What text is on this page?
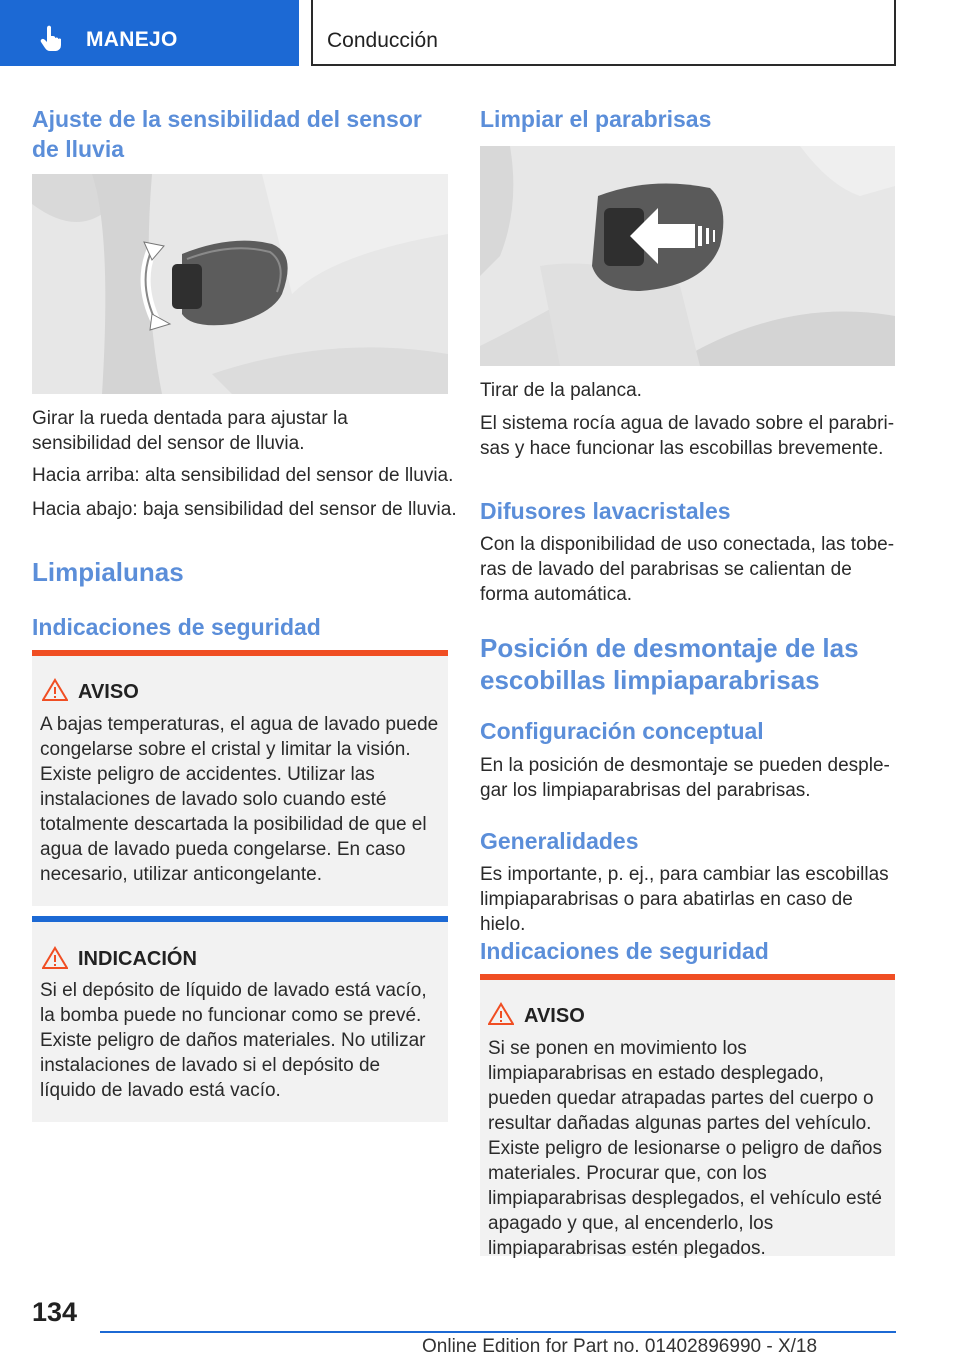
MANEJO	Conducción
Ajuste de la sensibilidad del sensor de lluvia
Girar la rueda dentada para ajustar la sensibilidad del sensor de lluvia.
Hacia arriba: alta sensibilidad del sensor de lluvia.
Hacia abajo: baja sensibilidad del sensor de lluvia.
Limpialunas
Indicaciones de seguridad
AVISO
A bajas temperaturas, el agua de lavado puede congelarse sobre el cristal y limitar la visión. Existe peligro de accidentes. Utilizar las instalaciones de lavado solo cuando esté totalmente descartada la posibilidad de que el agua de lavado pueda congelarse. En caso necesario, utilizar anticongelante.
INDICACIÓN
Si el depósito de líquido de lavado está vacío, la bomba puede no funcionar como se prevé. Existe peligro de daños materiales. No utilizar instalaciones de lavado si el depósito de líquido de lavado está vacío.
Limpiar el parabrisas
Tirar de la palanca.
El sistema rocía agua de lavado sobre el parabrisas y hace funcionar las escobillas brevemente.
Difusores lavacristales
Con la disponibilidad de uso conectada, las toberas de lavado del parabrisas se calientan de forma automática.
Posición de desmontaje de las escobillas limpiaparabrisas
Configuración conceptual
En la posición de desmontaje se pueden desplegar los limpiaparabrisas del parabrisas.
Generalidades
Es importante, p. ej., para cambiar las escobillas limpiaparabrisas o para abatirlas en caso de hielo.
Indicaciones de seguridad
AVISO
Si se ponen en movimiento los limpiaparabrisas en estado desplegado, pueden quedar atrapadas partes del cuerpo o resultar dañadas algunas partes del vehículo. Existe peligro de lesionarse o peligro de daños materiales. Procurar que, con los limpiaparabrisas desplegados, el vehículo esté apagado y que, al encenderlo, los limpiaparabrisas estén plegados.
134
Online Edition for Part no. 01402896990 - X/18
